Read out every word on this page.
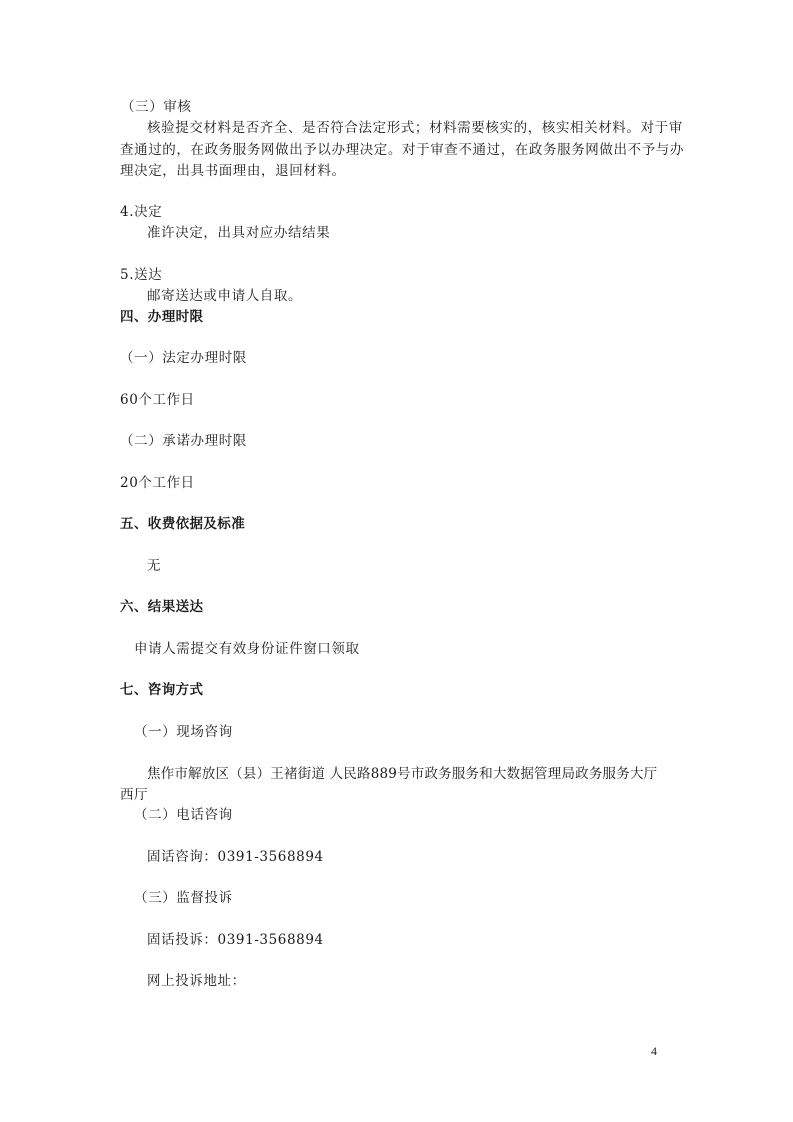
（三）审核
核验提交材料是否齐全、是否符合法定形式；材料需要核实的，核实相关材料。对于审
查通过的，在政务服务网做出予以办理决定。对于审查不通过，在政务服务网做出不予与办
理决定，出具书面理由，退回材料。
4.决定
准许决定，出具对应办结结果
5.送达
邮寄送达或申请人自取。
四、办理时限
（一）法定办理时限
60个工作日
（二）承诺办理时限
20个工作日
五、收费依据及标准
无
六、结果送达
申请人需提交有效身份证件窗口领取
七、咨询方式
（一）现场咨询
焦作市解放区（县）王褚街道 人民路889号市政务服务和大数据管理局政务服务大厅
西厅
（二）电话咨询
固话咨询：0391-3568894
（三）监督投诉
固话投诉：0391-3568894
网上投诉地址：
4
